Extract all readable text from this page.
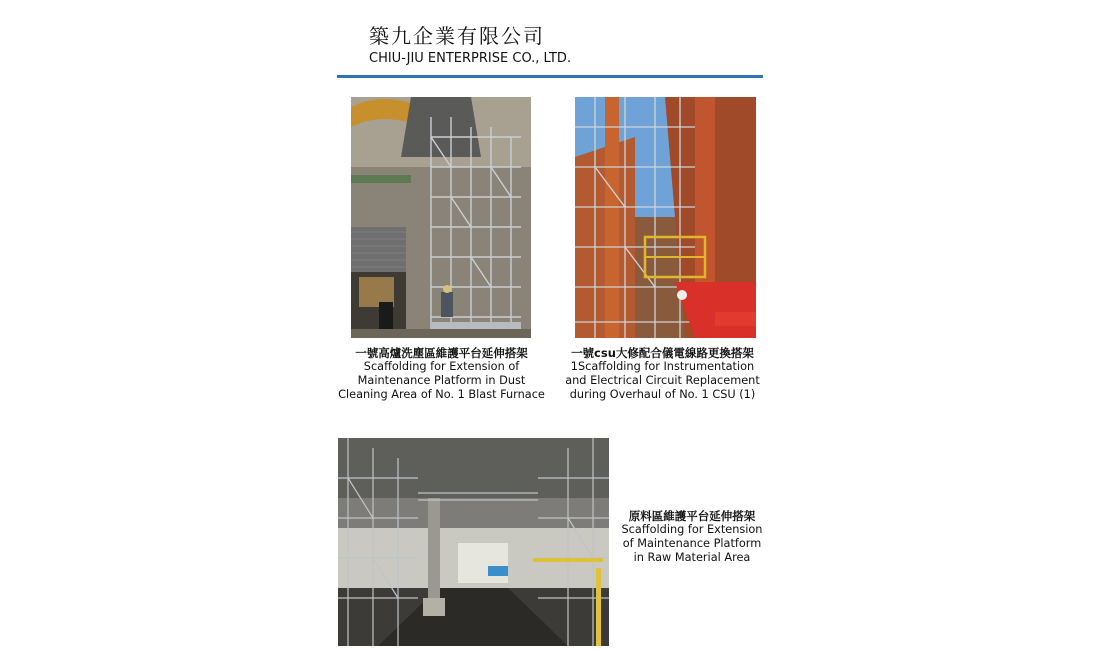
築九企業有限公司
CHIU-JIU ENTERPRISE CO., LTD.
一號高爐洗塵區維護平台延伸搭架
Scaffolding for Extension of Maintenance Platform in Dust Cleaning Area of No. 1 Blast Furnace
一號csu大修配合儀電線路更換搭架
1Scaffolding for Instrumentation and Electrical Circuit Replacement during Overhaul of No. 1 CSU (1)
原料區維護平台延伸搭架
Scaffolding for Extension of Maintenance Platform in Raw Material Area
